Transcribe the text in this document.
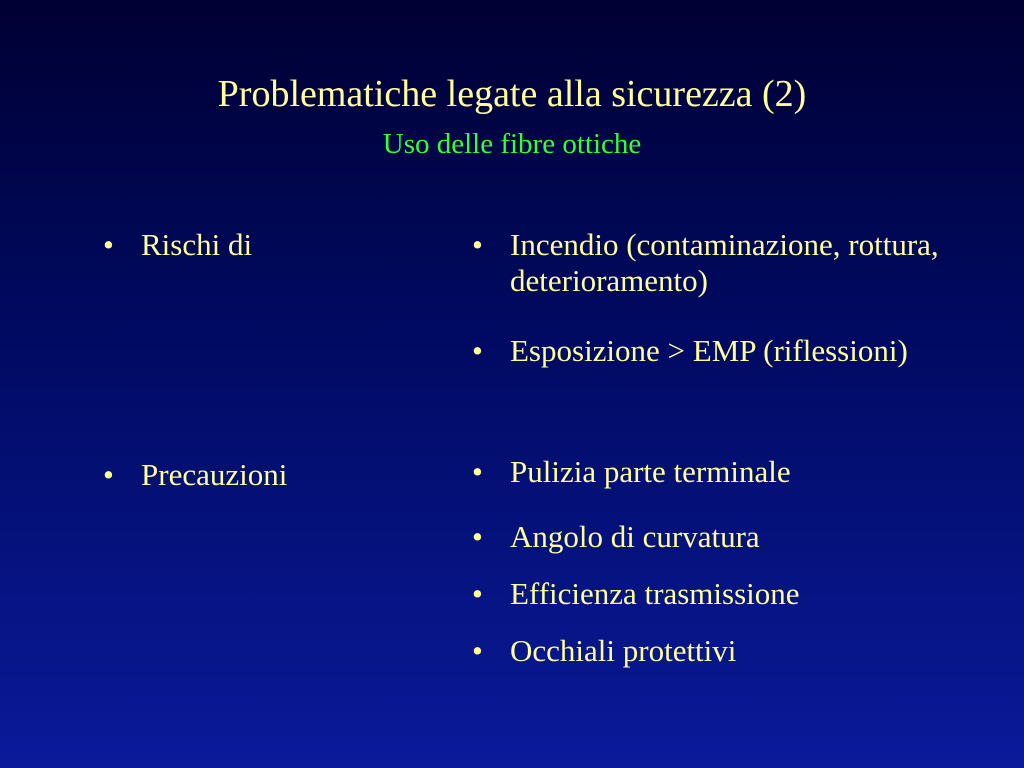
Problematiche legate alla sicurezza (2)
Uso delle fibre ottiche
• Rischi di	• Incendio (contaminazione, rottura, deterioramento)
• Esposizione > EMP (riflessioni)
• Precauzioni	• Pulizia parte terminale
• Angolo di curvatura
• Efficienza trasmissione
• Occhiali protettivi
